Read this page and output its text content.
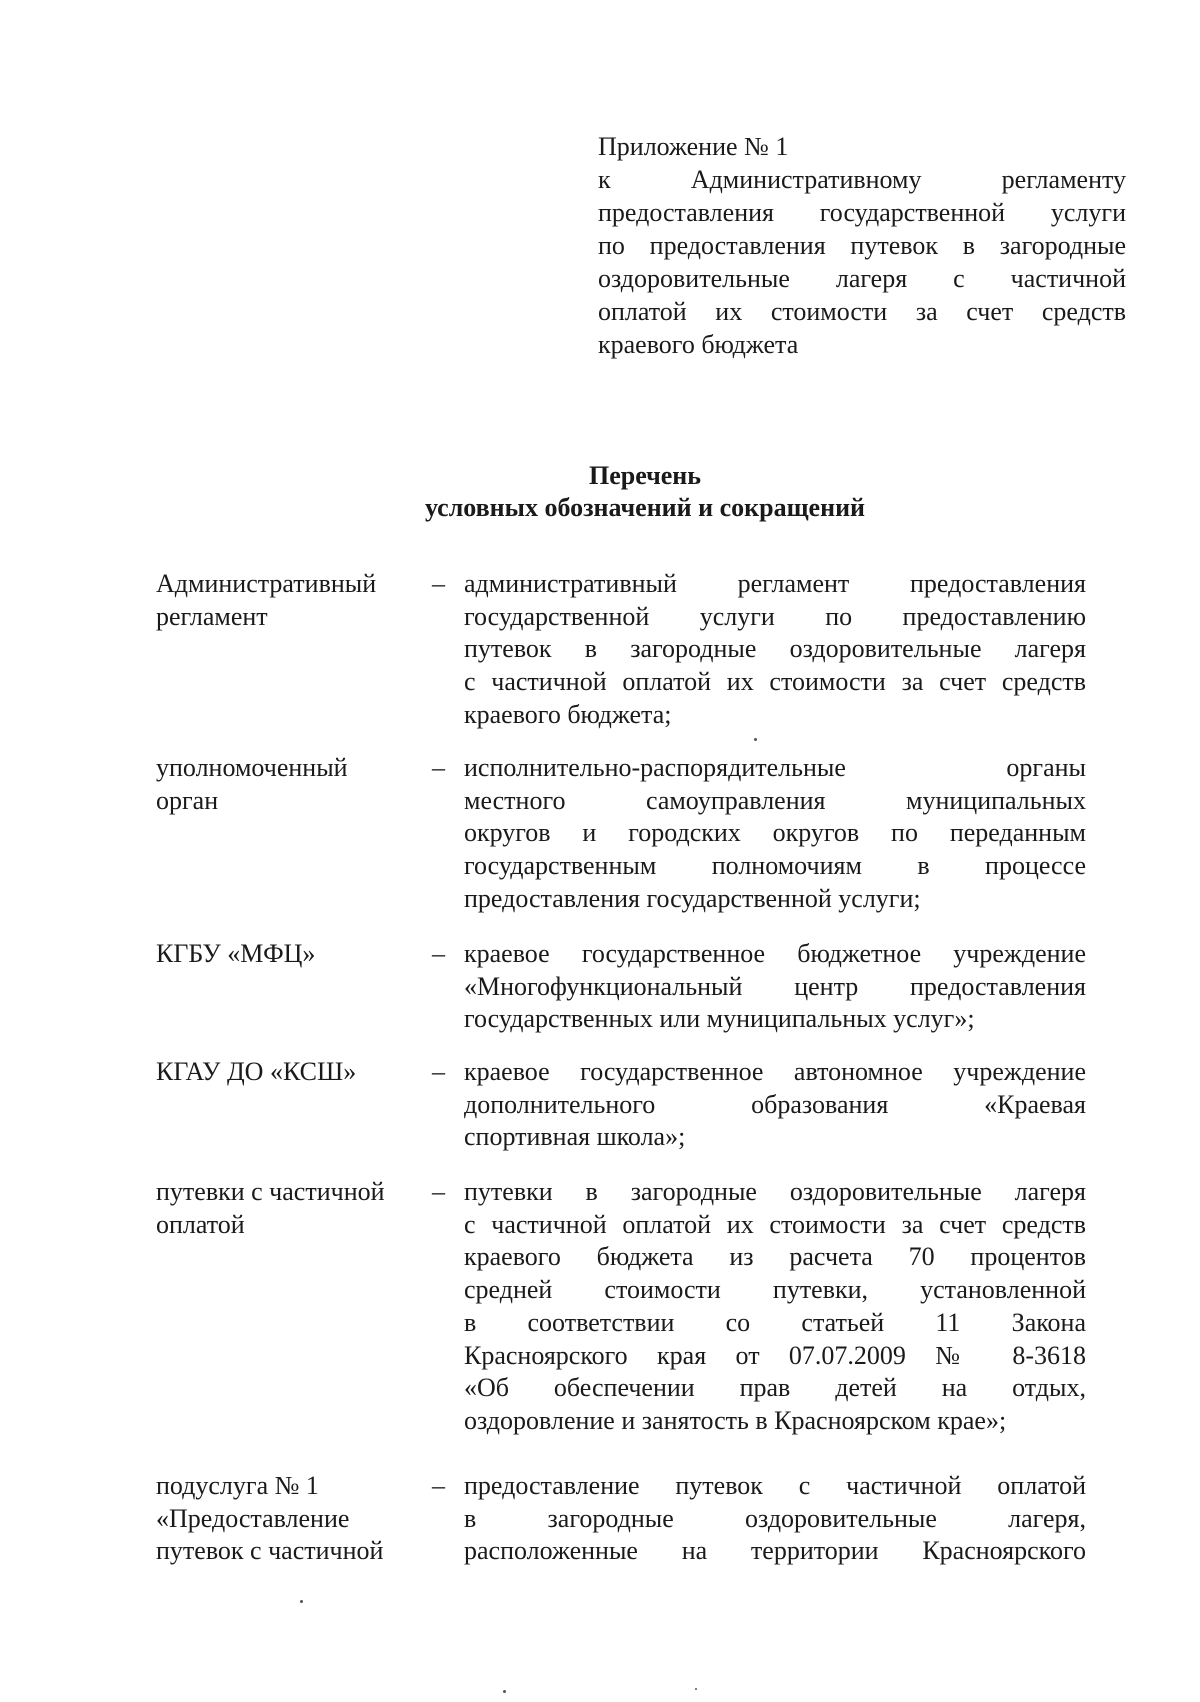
Приложение № 1
к Административному регламенту
предоставления государственной услуги
по предоставления путевок в загородные
оздоровительные лагеря с частичной
оплатой их стоимости за счет средств
краевого бюджета
Перечень
условных обозначений и сокращений
Административный
регламент
– административный регламент предоставления
государственной услуги по предоставлению
путевок в загородные оздоровительные лагеря
с частичной оплатой их стоимости за счет средств
краевого бюджета;
уполномоченный
орган
– исполнительно-распорядительные органы
местного самоуправления муниципальных
округов и городских округов по переданным
государственным полномочиям в процессе
предоставления государственной услуги;
КГБУ «МФЦ»	– краевое государственное бюджетное учреждение
«Многофункциональный центр предоставления
государственных или муниципальных услуг»;
КГАУ ДО «КСШ»	– краевое государственное автономное учреждение
дополнительного образования «Краевая
спортивная школа»;
путевки с частичной
оплатой
– путевки в загородные оздоровительные лагеря
с частичной оплатой их стоимости за счет средств
краевого бюджета из расчета 70 процентов
средней стоимости путевки, установленной
в соответствии со статьей 11 Закона
Красноярского края от 07.07.2009 № 8-3618
«Об обеспечении прав детей на отдых,
оздоровление и занятость в Красноярском крае»;
подуслуга № 1
«Предоставление
путевок с частичной
– предоставление путевок с частичной оплатой
в загородные оздоровительные лагеря,
расположенные на территории Красноярского
